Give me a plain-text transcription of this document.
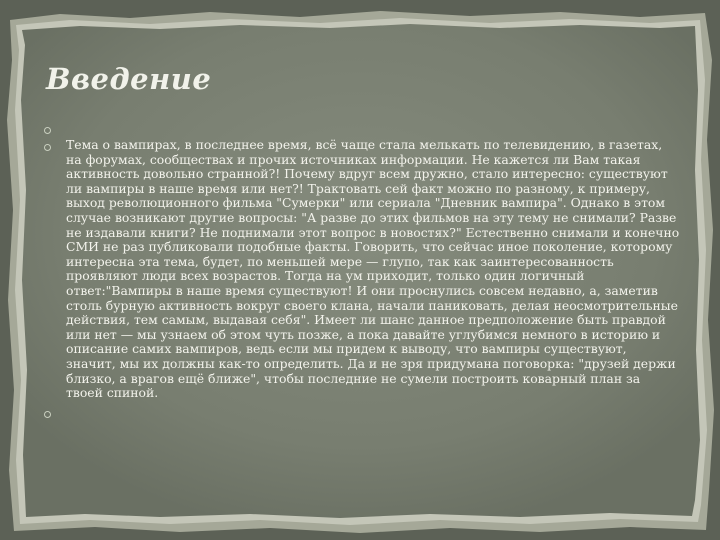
Введение

Тема о вампирах, в последнее время, всё чаще стала мелькать по телевидению, в газетах, на форумах, сообществах и прочих источниках информации. Не кажется ли Вам такая активность довольно странной?! Почему вдруг всем дружно, стало интересно: существуют ли вампиры в наше время или нет?! Трактовать сей факт можно по разному, к примеру, выход революционного фильма "Сумерки" или сериала "Дневник вампира". Однако в этом случае возникают другие вопросы: "А разве до этих фильмов на эту тему не снимали? Разве не издавали книги? Не поднимали этот вопрос в новостях?" Естественно снимали и конечно СМИ не раз публиковали подобные факты. Говорить, что сейчас иное поколение, которому интересна эта тема, будет, по меньшей мере — глупо, так как заинтересованность проявляют люди всех возрастов. Тогда на ум приходит, только один логичный ответ:"Вампиры в наше время существуют! И они проснулись совсем недавно, а, заметив столь бурную активность вокруг своего клана, начали паниковать, делая неосмотрительные действия, тем самым, выдавая себя". Имеет ли шанс данное предположение быть правдой или нет — мы узнаем об этом чуть позже, а пока давайте углубимся немного в историю и описание самих вампиров, ведь если мы придем к выводу, что вампиры существуют, значит, мы их должны как-то определить. Да и не зря придумана поговорка: "друзей держи близко, а врагов ещё ближе", чтобы последние не сумели построить коварный план за твоей спиной.
